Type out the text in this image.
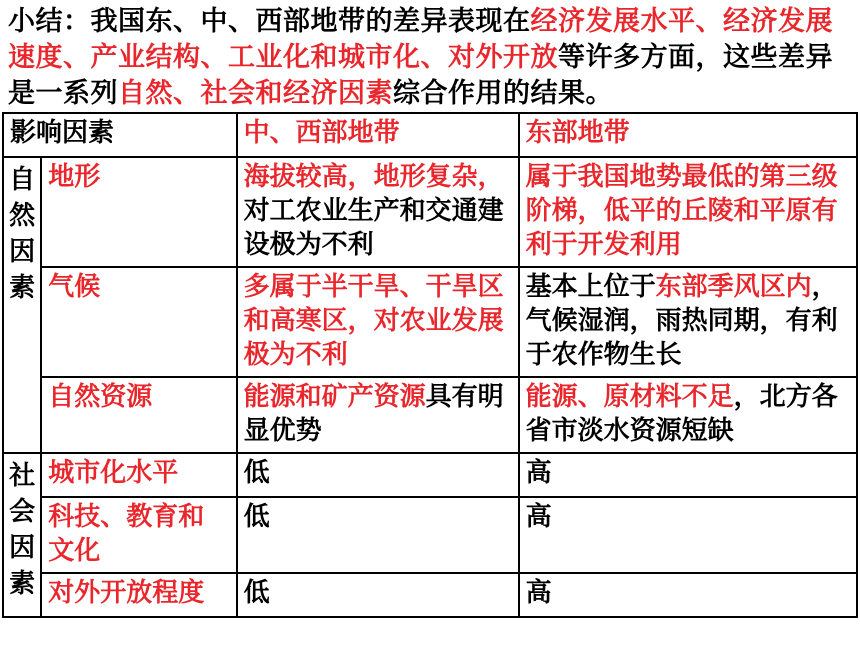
小结：我国东、中、西部地带的差异表现在经济发展水平、经济发展速度、产业结构、工业化和城市化、对外开放等许多方面，这些差异是一系列自然、社会和经济因素综合作用的结果。
影响因素		中、西部地带	东部地带
自然因素	地形	海拔较高，地形复杂，对工农业生产和交通建设极为不利	属于我国地势最低的第三级阶梯，低平的丘陵和平原有利于开发利用
	气候	多属于半干旱、干旱区和高寒区，对农业发展极为不利	基本上位于东部季风区内，气候湿润，雨热同期，有利于农作物生长
	自然资源	能源和矿产资源具有明显优势	能源、原材料不足，北方各省市淡水资源短缺
社会因素	城市化水平	低	高
	科技、教育和文化	低	高
	对外开放程度	低	高
